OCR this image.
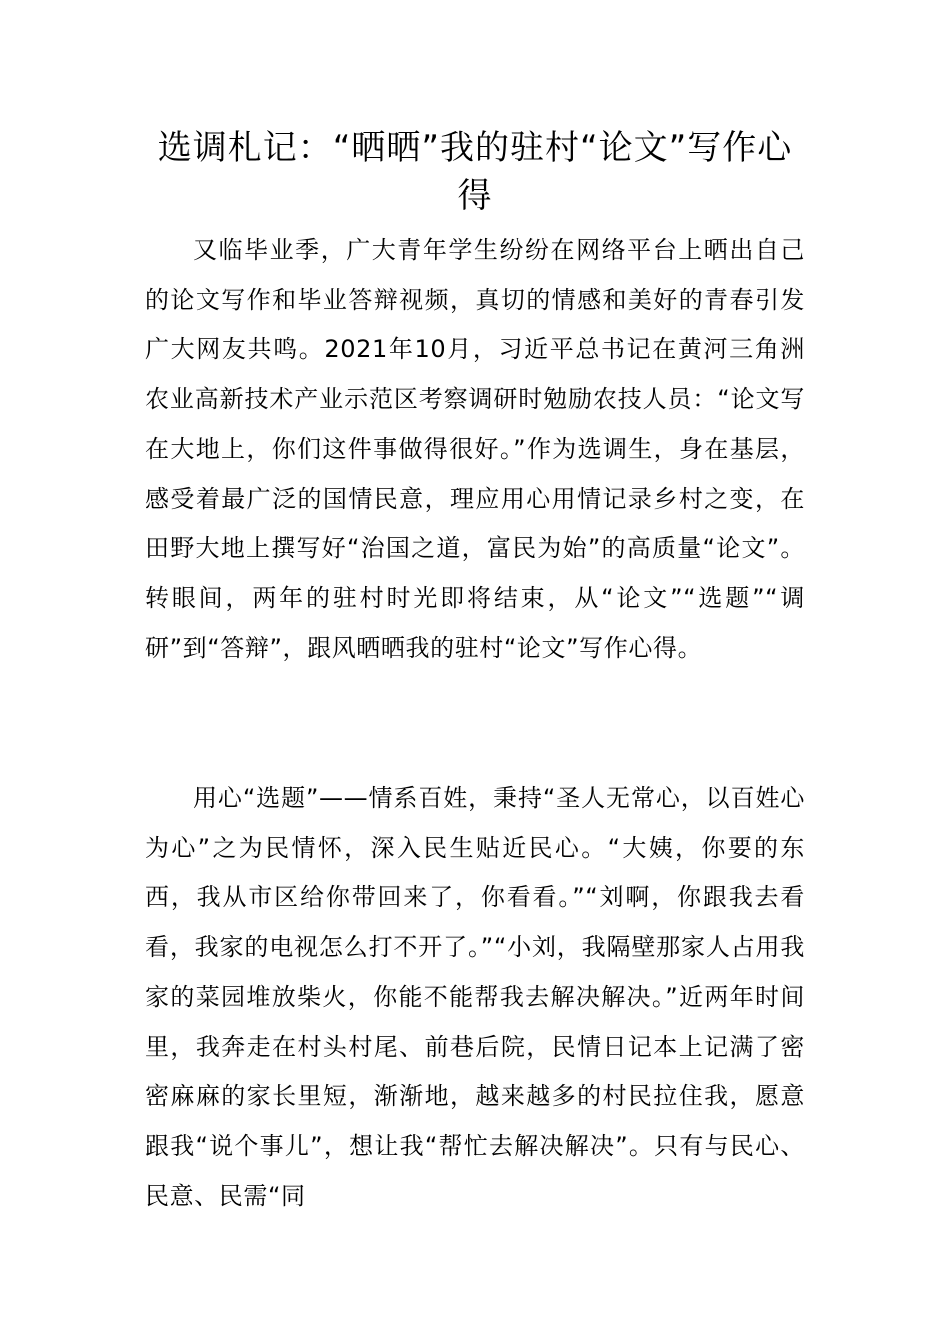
选调札记：“晒晒”我的驻村“论文”写作心得

又临毕业季，广大青年学生纷纷在网络平台上晒出自己的论文写作和毕业答辩视频，真切的情感和美好的青春引发广大网友共鸣。2021年10月，习近平总书记在黄河三角洲农业高新技术产业示范区考察调研时勉励农技人员：“论文写在大地上，你们这件事做得很好。”作为选调生，身在基层，感受着最广泛的国情民意，理应用心用情记录乡村之变，在田野大地上撰写好“治国之道，富民为始”的高质量“论文”。转眼间，两年的驻村时光即将结束，从“论文”“选题”“调研”到“答辩”，跟风晒晒我的驻村“论文”写作心得。

用心“选题”——情系百姓，秉持“圣人无常心，以百姓心为心”之为民情怀，深入民生贴近民心。“大姨，你要的东西，我从市区给你带回来了，你看看。”“刘啊，你跟我去看看，我家的电视怎么打不开了。”“小刘，我隔壁那家人占用我家的菜园堆放柴火，你能不能帮我去解决解决。”近两年时间里，我奔走在村头村尾、前巷后院，民情日记本上记满了密密麻麻的家长里短，渐渐地，越来越多的村民拉住我，愿意跟我“说个事儿”，想让我“帮忙去解决解决”。只有与民心、民意、民需“同
